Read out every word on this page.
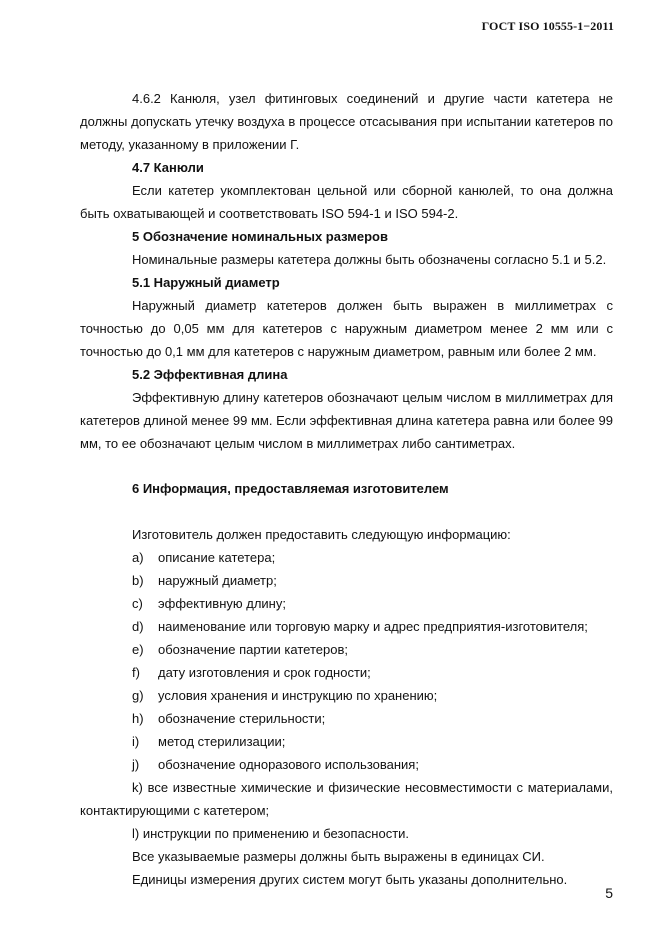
ГОСТ ISO 10555-1−2011
4.6.2 Канюля, узел фитинговых соединений и другие части катетера не должны допускать утечку воздуха в процессе отсасывания при испытании катетеров по методу, указанному в приложении Г.
4.7 Канюли
Если катетер укомплектован цельной или сборной канюлей, то она должна быть охватывающей и соответствовать ISO 594-1 и ISO 594-2.
5 Обозначение номинальных размеров
Номинальные размеры катетера должны быть обозначены согласно 5.1 и 5.2.
5.1 Наружный диаметр
Наружный диаметр катетеров должен быть выражен в миллиметрах с точностью до 0,05 мм для катетеров с наружным диаметром менее 2 мм или с точностью до 0,1 мм для катетеров с наружным диаметром, равным или более 2 мм.
5.2 Эффективная длина
Эффективную длину катетеров обозначают целым числом в миллиметрах для катетеров длиной менее 99 мм. Если эффективная длина катетера равна или более 99 мм, то ее обозначают целым числом в миллиметрах либо сантиметрах.
6 Информация, предоставляемая изготовителем
Изготовитель должен предоставить следующую информацию:
a) описание катетера;
b) наружный диаметр;
c) эффективную длину;
d) наименование или торговую марку и адрес предприятия-изготовителя;
e) обозначение партии катетеров;
f) дату изготовления и срок годности;
g) условия хранения и инструкцию по хранению;
h) обозначение стерильности;
i) метод стерилизации;
j) обозначение одноразового использования;
k) все известные химические и физические несовместимости с материалами, контактирующими с катетером;
l) инструкции по применению и безопасности.
Все указываемые размеры должны быть выражены в единицах СИ.
Единицы измерения других систем могут быть указаны дополнительно.
5
